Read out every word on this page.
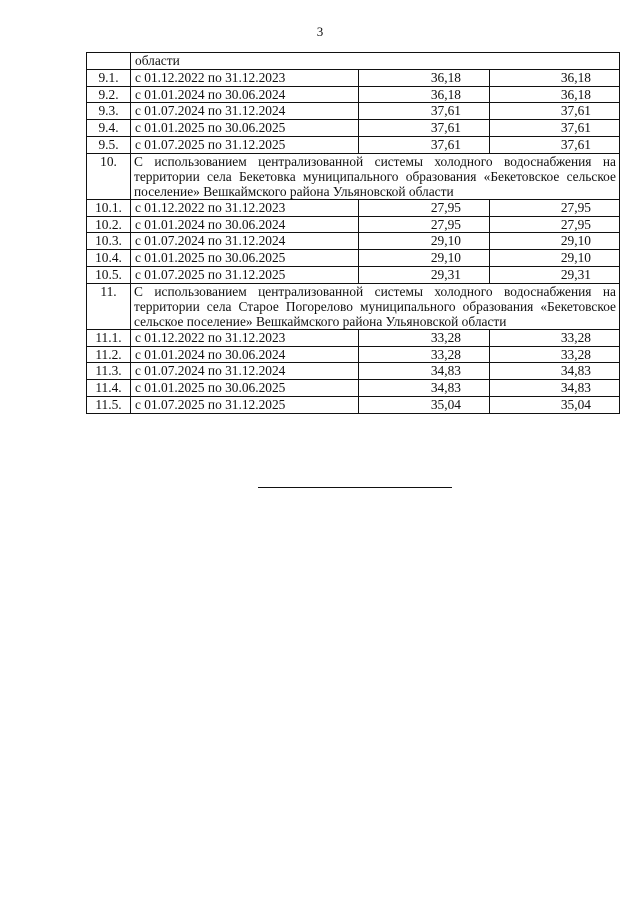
3
	области		
9.1.	с 01.12.2022 по 31.12.2023	36,18	36,18
9.2.	с 01.01.2024 по 30.06.2024	36,18	36,18
9.3.	с 01.07.2024 по 31.12.2024	37,61	37,61
9.4.	с 01.01.2025 по 30.06.2025	37,61	37,61
9.5.	с 01.07.2025 по 31.12.2025	37,61	37,61
10.	С использованием централизованной системы холодного водоснабжения на территории села Бекетовка муниципального образования «Бекетовское сельское поселение» Вешкаймского района Ульяновской области		
10.1.	с 01.12.2022 по 31.12.2023	27,95	27,95
10.2.	с 01.01.2024 по 30.06.2024	27,95	27,95
10.3.	с 01.07.2024 по 31.12.2024	29,10	29,10
10.4.	с 01.01.2025 по 30.06.2025	29,10	29,10
10.5.	с 01.07.2025 по 31.12.2025	29,31	29,31
11.	С использованием централизованной системы холодного водоснабжения на территории села Старое Погорелово муниципального образования «Бекетовское сельское поселение» Вешкаймского района Ульяновской области		
11.1.	с 01.12.2022 по 31.12.2023	33,28	33,28
11.2.	с 01.01.2024 по 30.06.2024	33,28	33,28
11.3.	с 01.07.2024 по 31.12.2024	34,83	34,83
11.4.	с 01.01.2025 по 30.06.2025	34,83	34,83
11.5.	с 01.07.2025 по 31.12.2025	35,04	35,04
